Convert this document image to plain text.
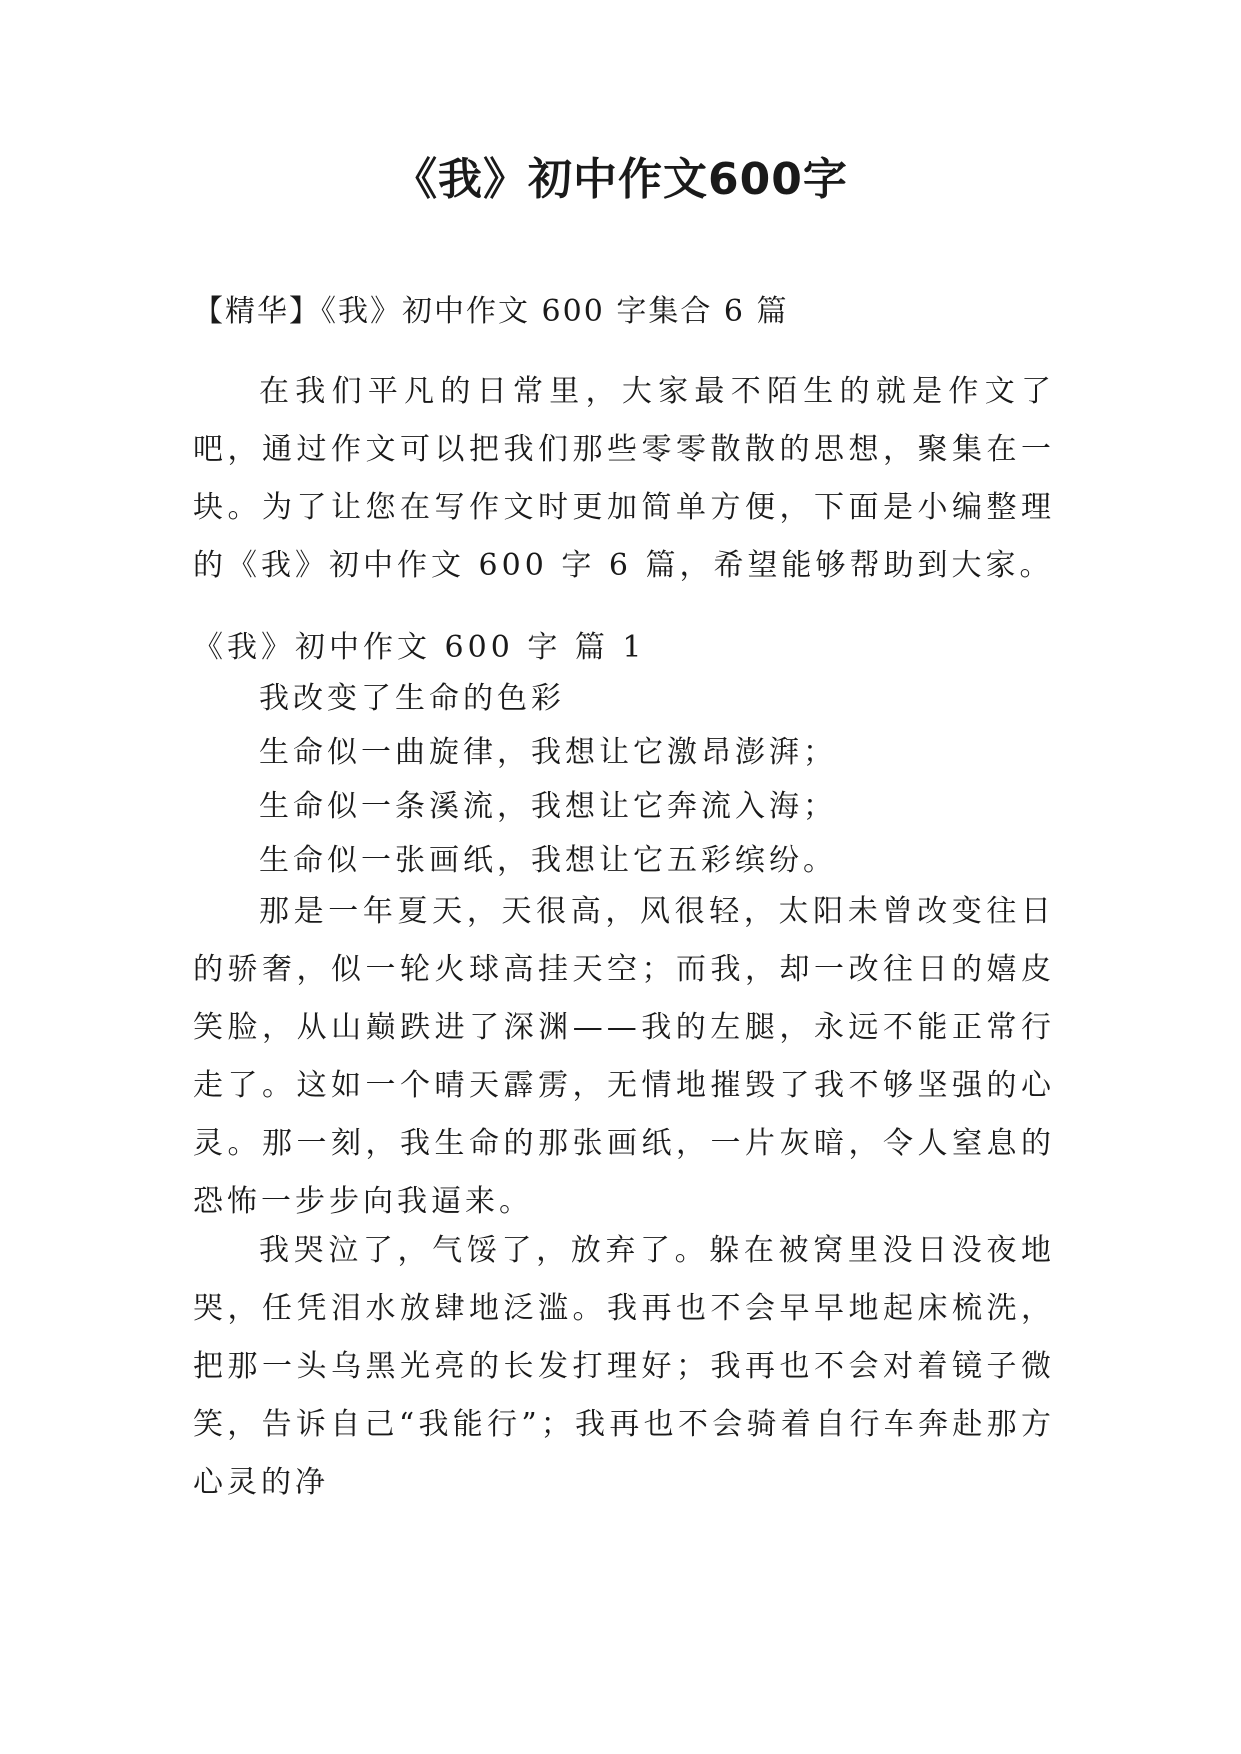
《我》初中作文600字
【精华】《我》初中作文 600 字集合 6 篇

在我们平凡的日常里，大家最不陌生的就是作文了吧，通过作文可以把我们那些零零散散的思想，聚集在一块。为了让您在写作文时更加简单方便，下面是小编整理的《我》初中作文 600 字 6 篇，希望能够帮助到大家。

《我》初中作文 600 字 篇 1
我改变了生命的色彩
生命似一曲旋律，我想让它激昂澎湃；
生命似一条溪流，我想让它奔流入海；
生命似一张画纸，我想让它五彩缤纷。

那是一年夏天，天很高，风很轻，太阳未曾改变往日的骄奢，似一轮火球高挂天空；而我，却一改往日的嬉皮笑脸，从山巅跌进了深渊——我的左腿，永远不能正常行走了。这如一个晴天霹雳，无情地摧毁了我不够坚强的心灵。那一刻，我生命的那张画纸，一片灰暗，令人窒息的恐怖一步步向我逼来。

我哭泣了，气馁了，放弃了。躲在被窝里没日没夜地哭，任凭泪水放肆地泛滥。我再也不会早早地起床梳洗，把那一头乌黑光亮的长发打理好；我再也不会对着镜子微笑，告诉自己“我能行”；我再也不会骑着自行车奔赴那方心灵的净
